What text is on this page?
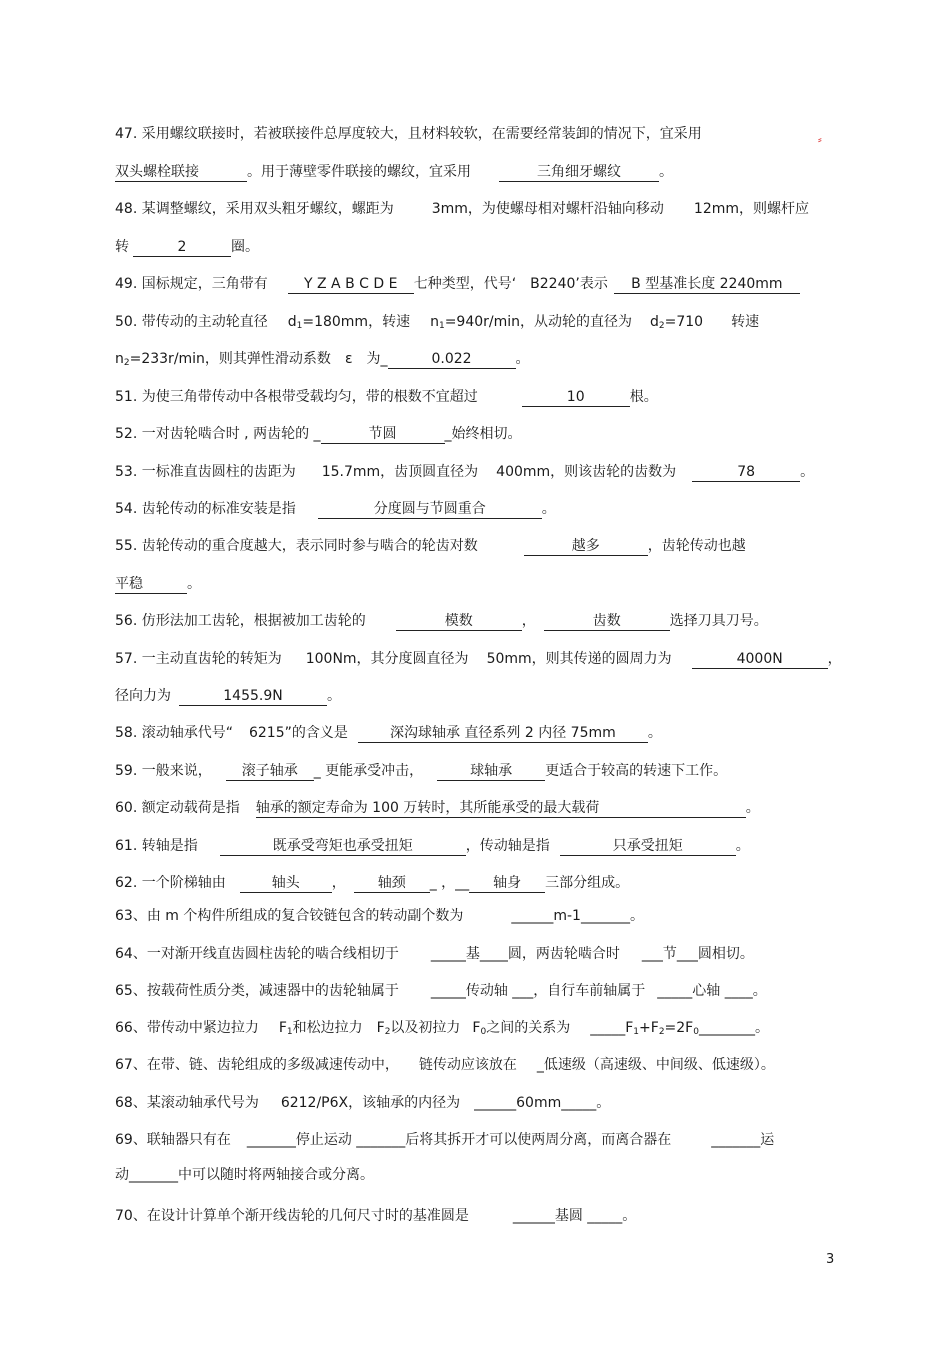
⸗
47. 采用螺纹联接时，若被联接件总厚度较大，且材料较软，在需要经常装卸的情况下，宜采用
双头螺栓联接	。用于薄壁零件联接的螺纹，宜采用	三角细牙螺纹	。
48. 某调整螺纹，采用双头粗牙螺纹，螺距为	3mm，为使螺母相对螺杆沿轴向移动 12mm，则螺杆应
转	2	圈。
49. 国标规定，三角带有	Y Z A B C D E 七种类型，代号‘ B2240’表示 B 型基准长度 2240mm
50. 带传动的主动轮直径 $d_1=180mm$，转速 $n_1=940r/\min$，从动轮的直径为 $d_2=710$ 转速
$n_2=233r/\min$，则其弹性滑动系数 ε 为_	0.022	。
51. 为使三角带传动中各根带受载均匀，带的根数不宜超过	10	根。
52. 一对齿轮啮合时 , 两齿轮的 _	节圆	_始终相切。
53. 一标准直齿圆柱的齿距为 15.7mm，齿顶圆直径为 400mm，则该齿轮的齿数为	78	。
54. 齿轮传动的标准安装是指	分度圆与节圆重合	。
55. 齿轮传动的重合度越大，表示同时参与啮合的轮齿对数	越多	，齿轮传动也越
平稳	。
56. 仿形法加工齿轮，根据被加工齿轮的	模数	，	齿数	选择刀具刀号。
57. 一主动直齿轮的转矩为 100Nm，其分度圆直径为 50mm，则其传递的圆周力为	4000N	，
径向力为	1455.9N	。
58. 滚动轴承代号“ 6215”的含义是	深沟球轴承 直径系列 2 内径 75mm 。
59. 一般来说， 滚子轴承 _ 更能承受冲击，	球轴承 更适合于较高的转速下工作。
60. 额定动载荷是指 轴承的额定寿命为 100 万转时，其所能承受的最大载荷	。
61. 转轴是指	既承受弯矩也承受扭矩	，传动轴是指	只承受扭矩	。
62. 一个阶梯轴由	轴头 ， 轴颈 _ ，__ 轴身 三部分组成。
63、由 m 个构件所组成的复合铰链包含的转动副个数为	______m-1_______。
64、一对渐开线直齿圆柱齿轮的啮合线相切于 _____基____圆，两齿轮啮合时 ___节___圆相切。
65、按载荷性质分类，减速器中的齿轮轴属于 _____传动轴 ___，自行车前轴属于 _____心轴 ____。
66、带传动中紧边拉力 $F_1$和松边拉力 $F_2$以及初拉力 $F_0$之间的关系为 $\_\_\_\_\_F_1+F_2=2F_0\_\_\_\_\_\_\_\_$。
67、在带、链、齿轮组成的多级减速传动中， 链传动应该放在 _低速级（高速级、中间级、低速级）。
68、某滚动轴承代号为 6212/P6X，该轴承的内径为 ______60mm_____。
69、联轴器只有在 _______停止运动 _______后将其拆开才可以使两周分离，而离合器在	_______运
动_______中可以随时将两轴接合或分离。
70、在设计计算单个渐开线齿轮的几何尺寸时的基准圆是	______基圆 _____。
3
